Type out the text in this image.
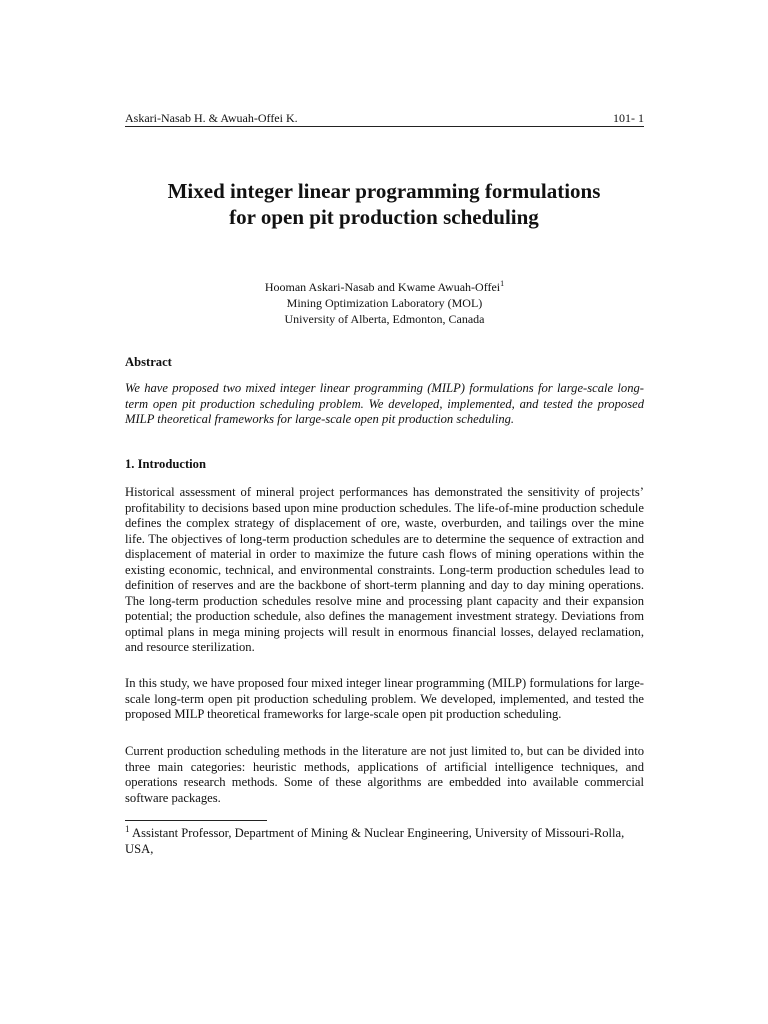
Askari-Nasab H. & Awuah-Offei K.	101- 1
Mixed integer linear programming formulations
for open pit production scheduling
Hooman Askari-Nasab and Kwame Awuah-Offei$^1$
Mining Optimization Laboratory (MOL)
University of Alberta, Edmonton, Canada
Abstract

We have proposed two mixed integer linear programming (MILP) formulations for large-scale long-term open pit production scheduling problem. We developed, implemented, and tested the proposed MILP theoretical frameworks for large-scale open pit production scheduling.

1. Introduction

Historical assessment of mineral project performances has demonstrated the sensitivity of projects’ profitability to decisions based upon mine production schedules. The life-of-mine production schedule defines the complex strategy of displacement of ore, waste, overburden, and tailings over the mine life. The objectives of long-term production schedules are to determine the sequence of extraction and displacement of material in order to maximize the future cash flows of mining operations within the existing economic, technical, and environmental constraints. Long-term production schedules lead to definition of reserves and are the backbone of short-term planning and day to day mining operations. The long-term production schedules resolve mine and processing plant capacity and their expansion potential; the production schedule, also defines the management investment strategy. Deviations from optimal plans in mega mining projects will result in enormous financial losses, delayed reclamation, and resource sterilization.

In this study, we have proposed four mixed integer linear programming (MILP) formulations for large-scale long-term open pit production scheduling problem. We developed, implemented, and tested the proposed MILP theoretical frameworks for large-scale open pit production scheduling.

Current production scheduling methods in the literature are not just limited to, but can be divided into three main categories: heuristic methods, applications of artificial intelligence techniques, and operations research methods. Some of these algorithms are embedded into available commercial software packages.

$^1$ Assistant Professor, Department of Mining & Nuclear Engineering, University of Missouri-Rolla, USA,
